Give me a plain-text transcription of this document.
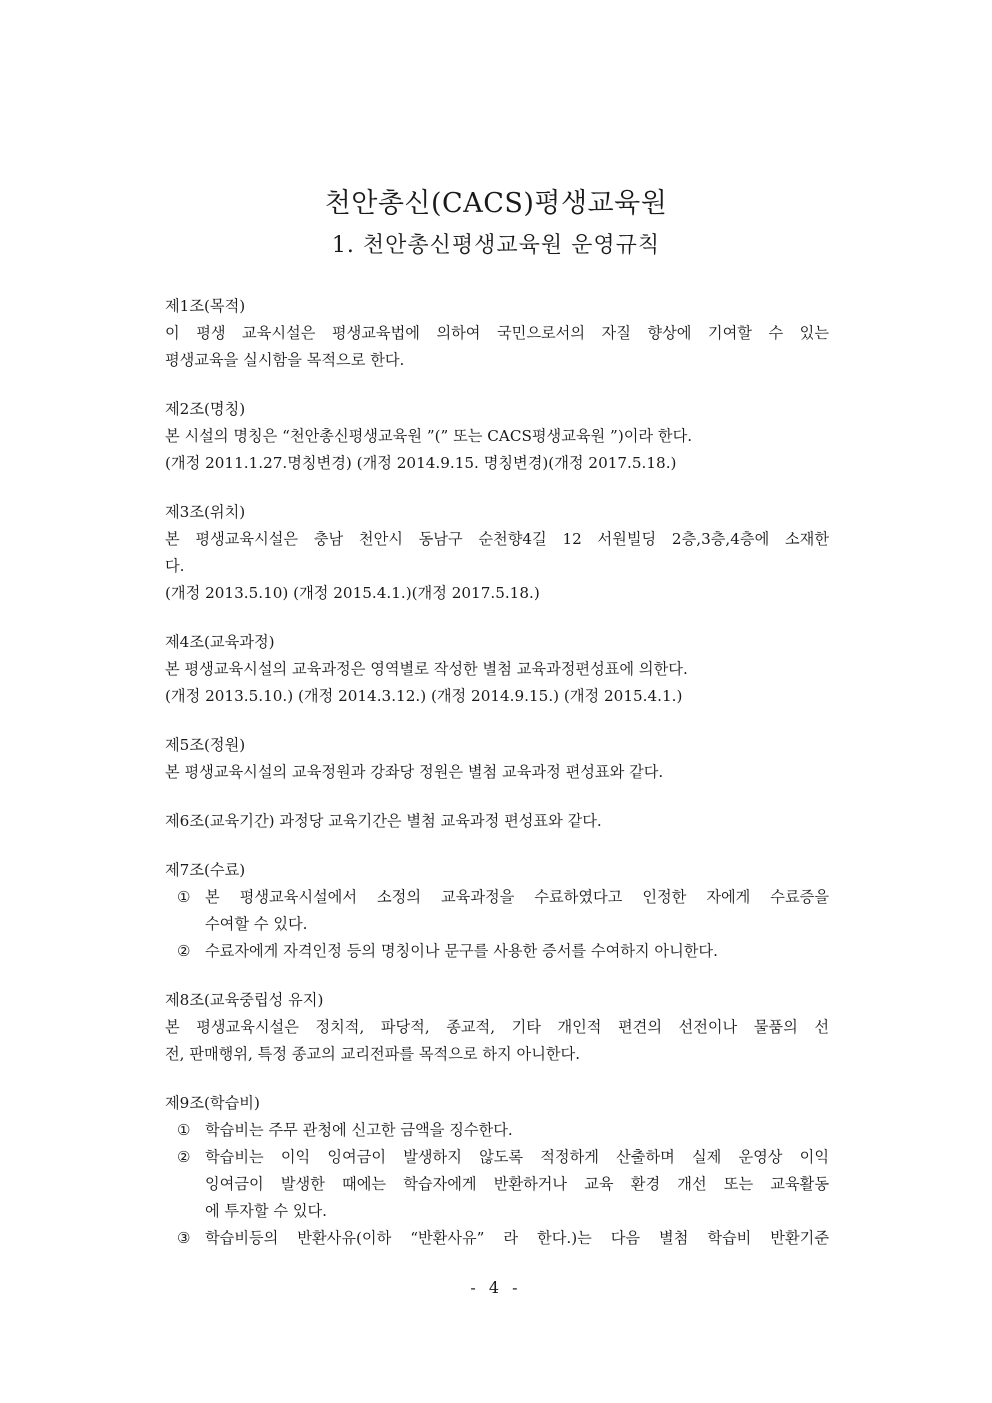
천안총신(CACS)평생교육원
1. 천안총신평생교육원 운영규칙
제1조(목적)
이 평생 교육시설은 평생교육법에 의하여 국민으로서의 자질 향상에 기여할 수 있는
평생교육을 실시함을 목적으로 한다.
제2조(명칭)
본 시설의 명칭은 “천안총신평생교육원 ”(” 또는 CACS평생교육원 ”)이라 한다.
(개정 2011.1.27.명칭변경) (개정 2014.9.15. 명칭변경)(개정 2017.5.18.)
제3조(위치)
본 평생교육시설은 충남 천안시 동남구 순천향4길 12 서원빌딩 2층,3층,4층에 소재한
다.
(개정 2013.5.10) (개정 2015.4.1.)(개정 2017.5.18.)
제4조(교육과정)
본 평생교육시설의 교육과정은 영역별로 작성한 별첨 교육과정편성표에 의한다.
(개정 2013.5.10.) (개정 2014.3.12.) (개정 2014.9.15.) (개정 2015.4.1.)
제5조(정원)
본 평생교육시설의 교육정원과 강좌당 정원은 별첨 교육과정 편성표와 같다.
제6조(교육기간) 과정당 교육기간은 별첨 교육과정 편성표와 같다.
제7조(수료)
① 본 평생교육시설에서 소정의 교육과정을 수료하였다고 인정한 자에게 수료증을
수여할 수 있다.
② 수료자에게 자격인정 등의 명칭이나 문구를 사용한 증서를 수여하지 아니한다.
제8조(교육중립성 유지)
본 평생교육시설은 정치적, 파당적, 종교적, 기타 개인적 편견의 선전이나 물품의 선
전, 판매행위, 특정 종교의 교리전파를 목적으로 하지 아니한다.
제9조(학습비)
① 학습비는 주무 관청에 신고한 금액을 징수한다.
② 학습비는 이익 잉여금이 발생하지 않도록 적정하게 산출하며 실제 운영상 이익
잉여금이 발생한 때에는 학습자에게 반환하거나 교육 환경 개선 또는 교육활동
에 투자할 수 있다.
③ 학습비등의 반환사유(이하 “반환사유” 라 한다.)는 다음 별첨 학습비 반환기준
- 4 -
